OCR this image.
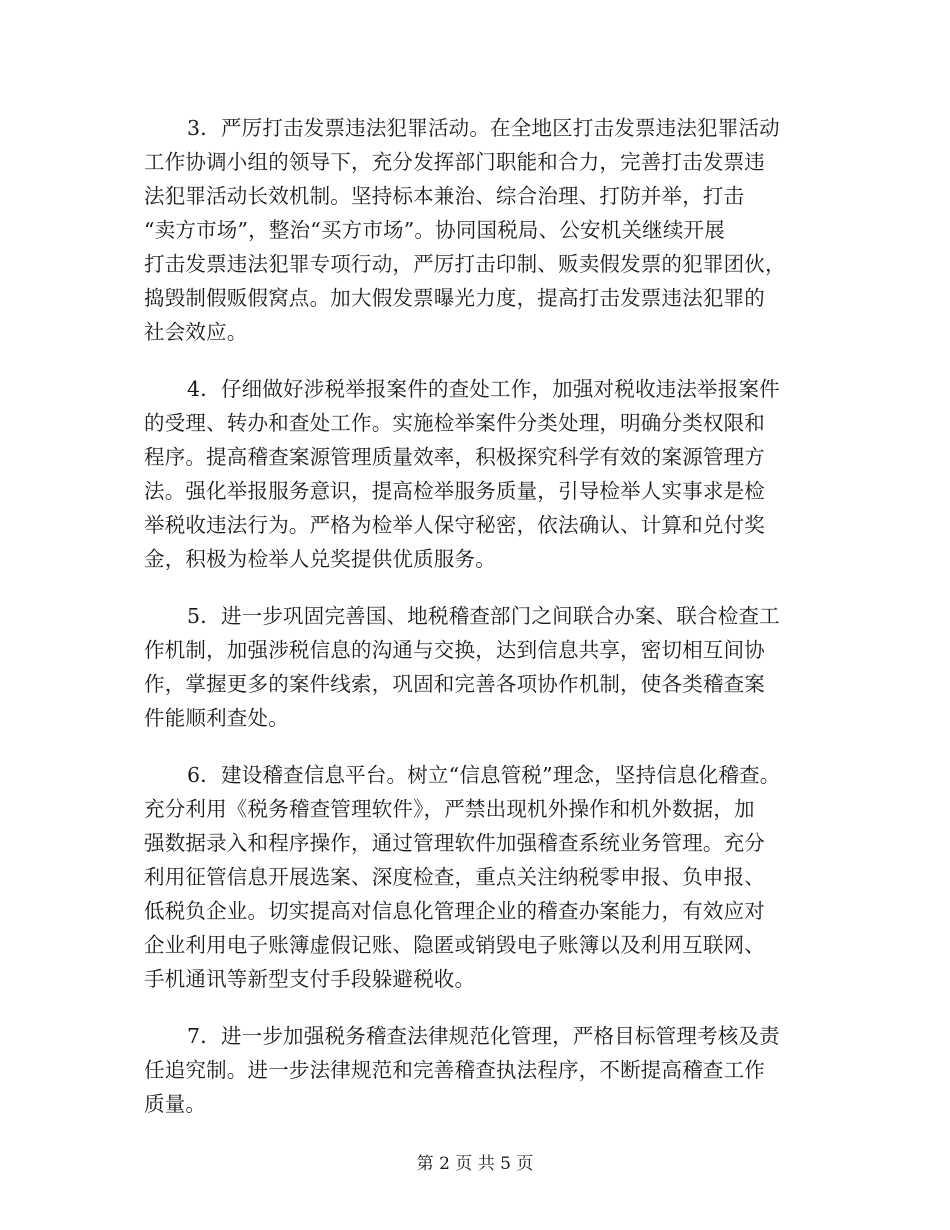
3．严厉打击发票违法犯罪活动。在全地区打击发票违法犯罪活动
工作协调小组的领导下，充分发挥部门职能和合力，完善打击发票违
法犯罪活动长效机制。坚持标本兼治、综合治理、打防并举，打击
“卖方市场”，整治“买方市场”。协同国税局、公安机关继续开展
打击发票违法犯罪专项行动，严厉打击印制、贩卖假发票的犯罪团伙，
捣毁制假贩假窝点。加大假发票曝光力度，提高打击发票违法犯罪的
社会效应。
4．仔细做好涉税举报案件的查处工作，加强对税收违法举报案件
的受理、转办和查处工作。实施检举案件分类处理，明确分类权限和
程序。提高稽查案源管理质量效率，积极探究科学有效的案源管理方
法。强化举报服务意识，提高检举服务质量，引导检举人实事求是检
举税收违法行为。严格为检举人保守秘密，依法确认、计算和兑付奖
金，积极为检举人兑奖提供优质服务。
5．进一步巩固完善国、地税稽查部门之间联合办案、联合检查工
作机制，加强涉税信息的沟通与交换，达到信息共享，密切相互间协
作，掌握更多的案件线索，巩固和完善各项协作机制，使各类稽查案
件能顺利查处。
6．建设稽查信息平台。树立“信息管税”理念，坚持信息化稽查。
充分利用《税务稽查管理软件》，严禁出现机外操作和机外数据，加
强数据录入和程序操作，通过管理软件加强稽查系统业务管理。充分
利用征管信息开展选案、深度检查，重点关注纳税零申报、负申报、
低税负企业。切实提高对信息化管理企业的稽查办案能力，有效应对
企业利用电子账簿虚假记账、隐匿或销毁电子账簿以及利用互联网、
手机通讯等新型支付手段躲避税收。
7．进一步加强税务稽查法律规范化管理，严格目标管理考核及责
任追究制。进一步法律规范和完善稽查执法程序，不断提高稽查工作
质量。
第 2 页 共 5 页
